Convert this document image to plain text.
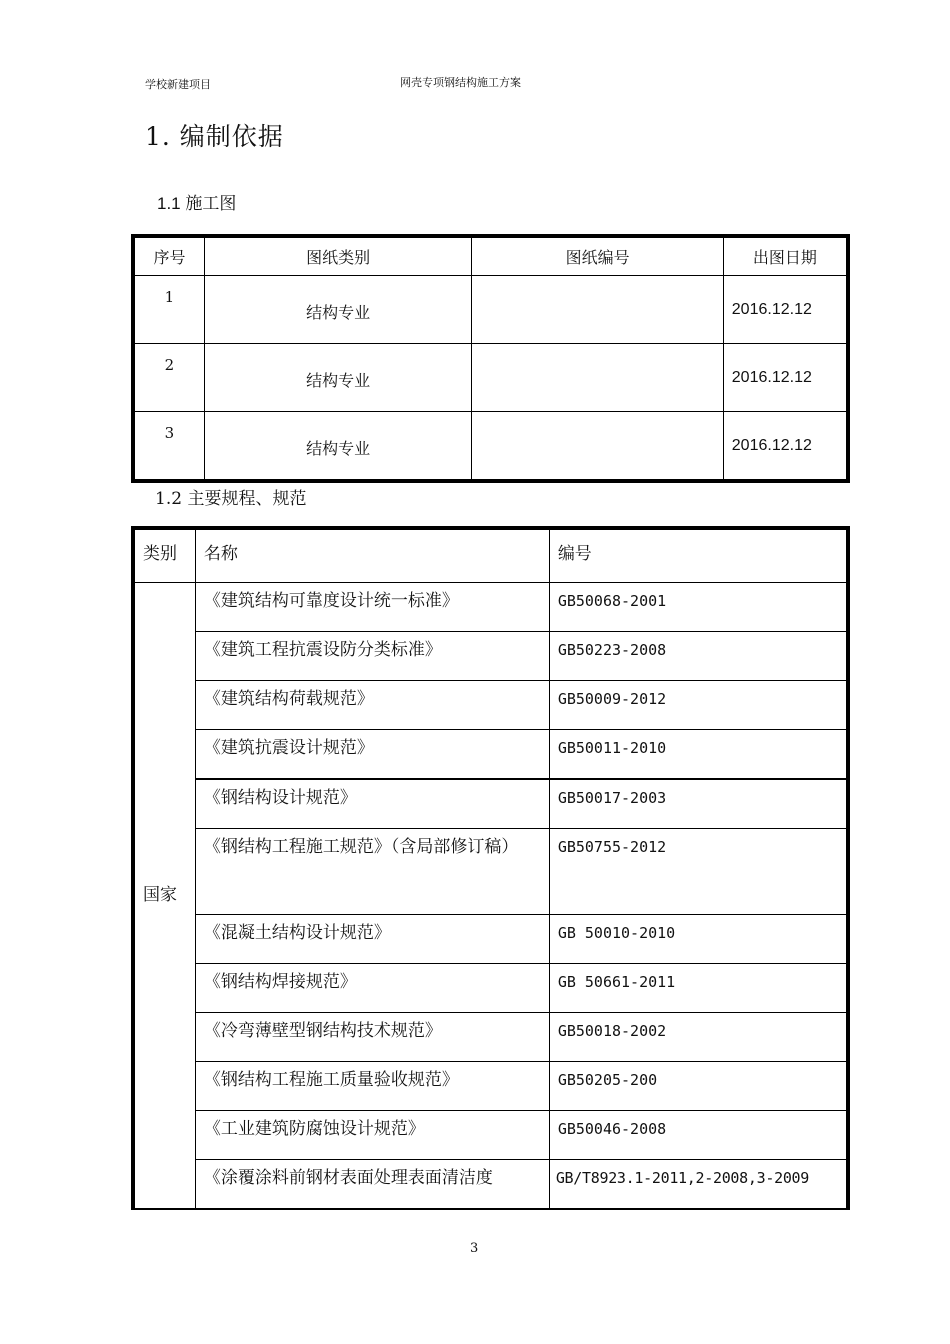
学校新建项目	网壳专项钢结构施工方案
1. 编制依据
1.1 施工图
序号	图纸类别	图纸编号	出图日期
1	结构专业		2016.12.12
2	结构专业		2016.12.12
3	结构专业		2016.12.12
1.2 主要规程、规范
类别	名称	编号
国家	《建筑结构可靠度设计统一标准》	GB50068-2001
	《建筑工程抗震设防分类标准》	GB50223-2008
	《建筑结构荷载规范》	GB50009-2012
	《建筑抗震设计规范》	GB50011-2010
	《钢结构设计规范》	GB50017-2003
	《钢结构工程施工规范》（含局部修订稿）	GB50755-2012
	《混凝土结构设计规范》	GB 50010-2010
	《钢结构焊接规范》	GB 50661-2011
	《冷弯薄壁型钢结构技术规范》	GB50018-2002
	《钢结构工程施工质量验收规范》	GB50205-200
	《工业建筑防腐蚀设计规范》	GB50046-2008
	《涂覆涂料前钢材表面处理表面清洁度	GB/T8923.1-2011,2-2008,3-2009
3
